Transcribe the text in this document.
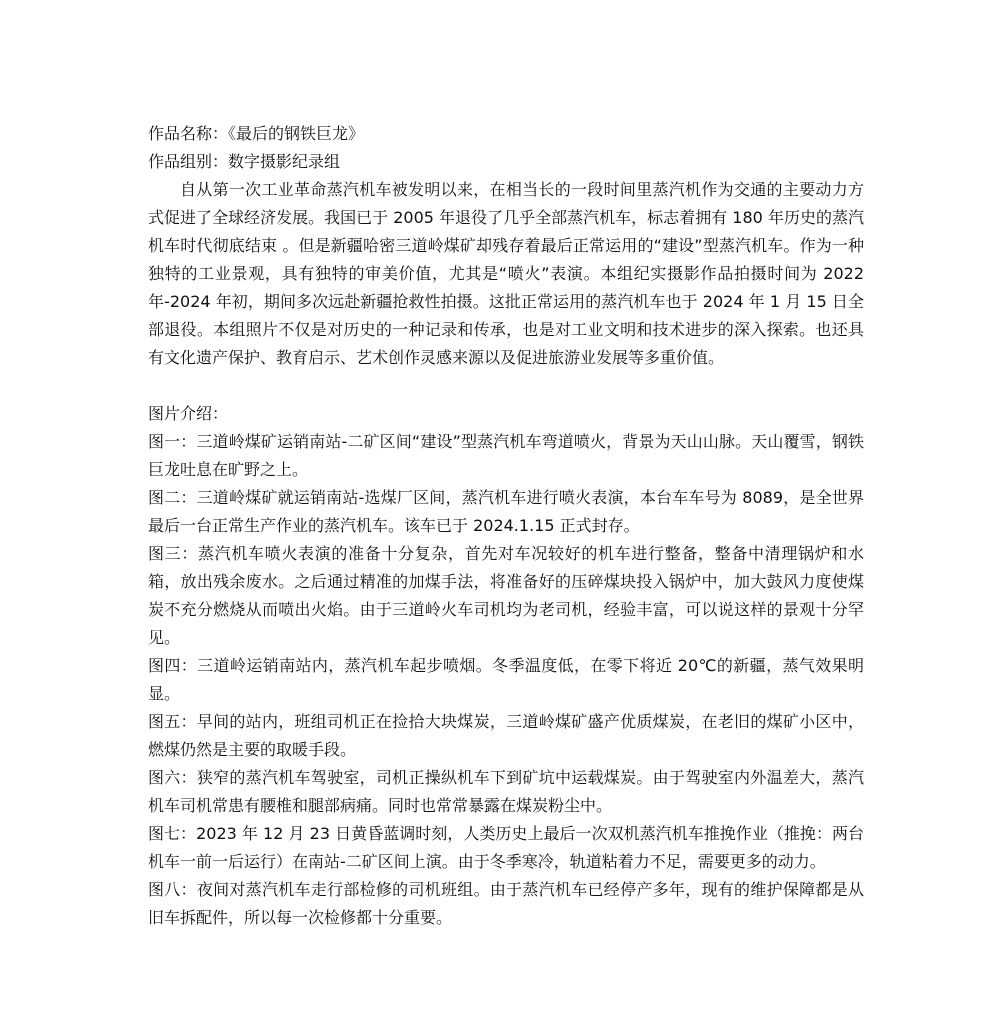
作品名称：《最后的钢铁巨龙》

作品组别：数字摄影纪录组

自从第一次工业革命蒸汽机车被发明以来，在相当长的一段时间里蒸汽机作为交通的主要动力方式促进了全球经济发展。我国已于 2005 年退役了几乎全部蒸汽机车，标志着拥有 180 年历史的蒸汽机车时代彻底结束 。但是新疆哈密三道岭煤矿却残存着最后正常运用的“建设”型蒸汽机车。作为一种独特的工业景观，具有独特的审美价值，尤其是“喷火”表演。本组纪实摄影作品拍摄时间为 2022 年-2024 年初，期间多次远赴新疆抢救性拍摄。这批正常运用的蒸汽机车也于 2024 年 1 月 15 日全部退役。本组照片不仅是对历史的一种记录和传承，也是对工业文明和技术进步的深入探索。也还具有文化遗产保护、教育启示、艺术创作灵感来源以及促进旅游业发展等多重价值。

图片介绍：

图一：三道岭煤矿运销南站-二矿区间“建设”型蒸汽机车弯道喷火，背景为天山山脉。天山覆雪，钢铁巨龙吐息在旷野之上。

图二：三道岭煤矿就运销南站-选煤厂区间，蒸汽机车进行喷火表演，本台车车号为 8089，是全世界最后一台正常生产作业的蒸汽机车。该车已于 2024.1.15 正式封存。

图三：蒸汽机车喷火表演的准备十分复杂，首先对车况较好的机车进行整备，整备中清理锅炉和水箱，放出残余废水。之后通过精准的加煤手法，将准备好的压碎煤块投入锅炉中，加大鼓风力度使煤炭不充分燃烧从而喷出火焰。由于三道岭火车司机均为老司机，经验丰富，可以说这样的景观十分罕见。

图四：三道岭运销南站内，蒸汽机车起步喷烟。冬季温度低，在零下将近 20℃的新疆，蒸气效果明显。

图五：早间的站内，班组司机正在捡拾大块煤炭，三道岭煤矿盛产优质煤炭，在老旧的煤矿小区中，燃煤仍然是主要的取暖手段。

图六：狭窄的蒸汽机车驾驶室，司机正操纵机车下到矿坑中运载煤炭。由于驾驶室内外温差大，蒸汽机车司机常患有腰椎和腿部病痛。同时也常常暴露在煤炭粉尘中。

图七：2023 年 12 月 23 日黄昏蓝调时刻，人类历史上最后一次双机蒸汽机车推挽作业（推挽：两台机车一前一后运行）在南站-二矿区间上演。由于冬季寒冷，轨道粘着力不足，需要更多的动力。

图八：夜间对蒸汽机车走行部检修的司机班组。由于蒸汽机车已经停产多年，现有的维护保障都是从旧车拆配件，所以每一次检修都十分重要。
